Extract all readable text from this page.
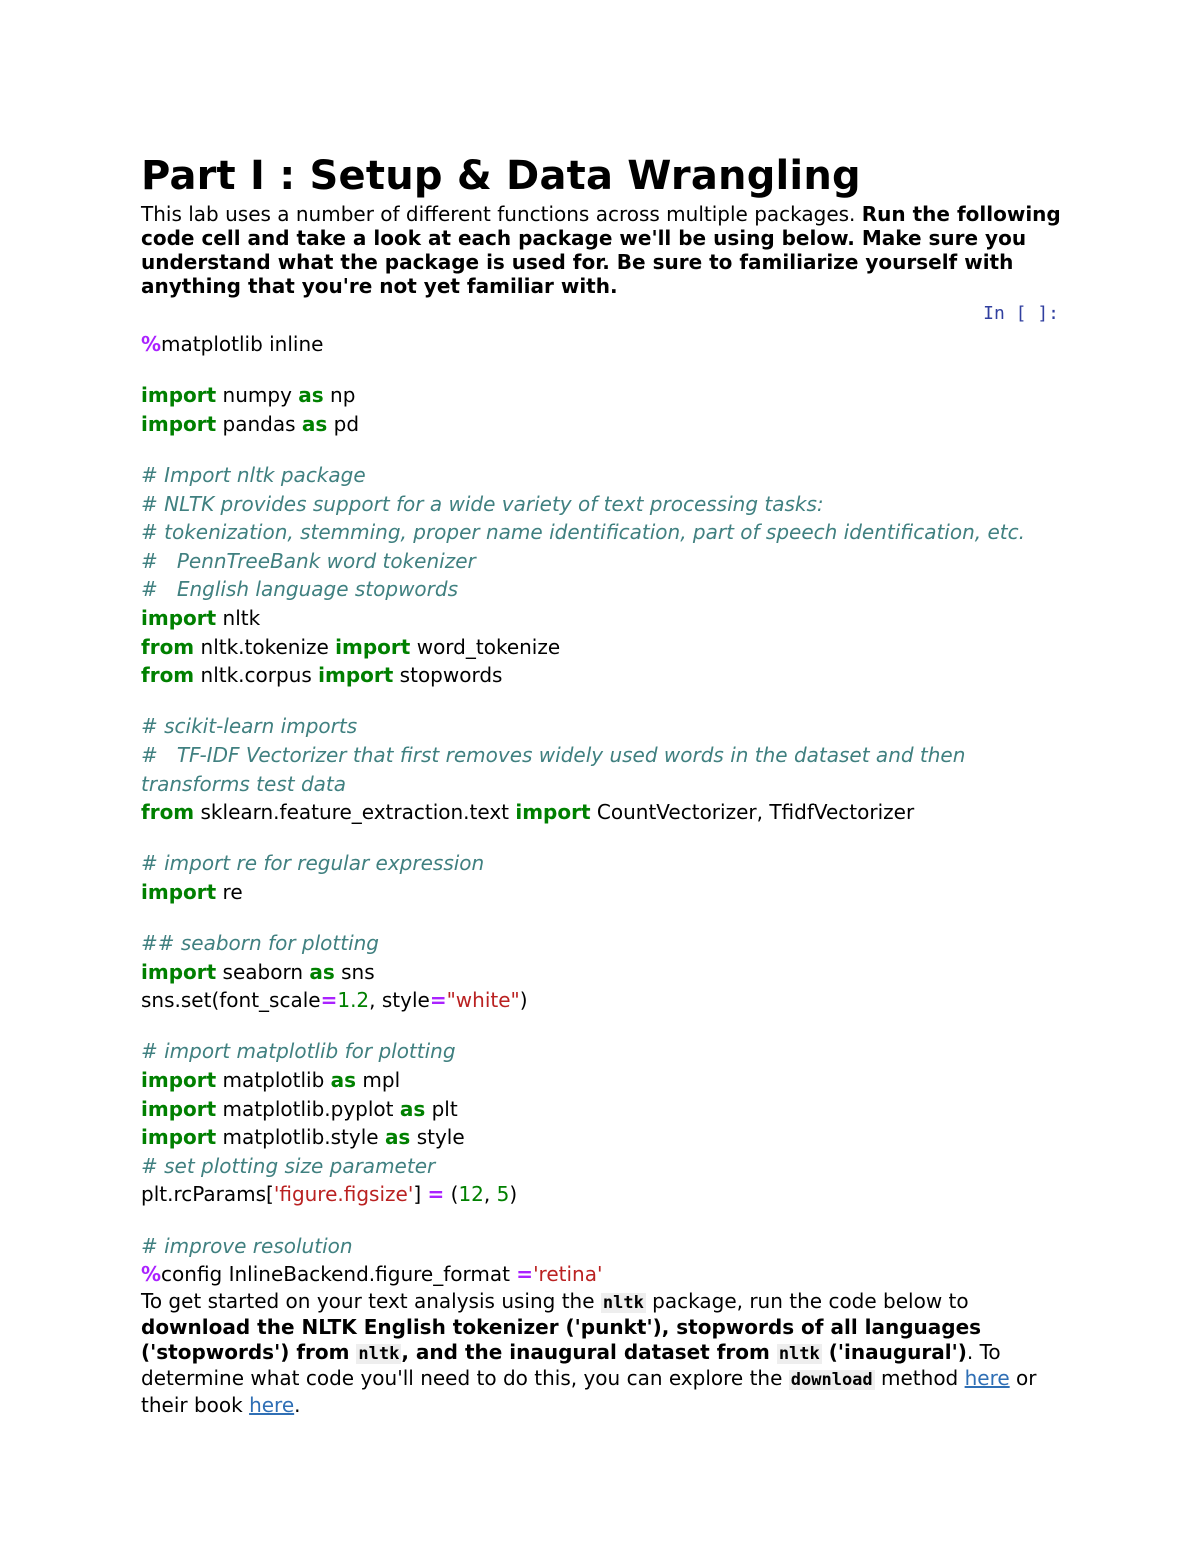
Part I : Setup & Data Wrangling

This lab uses a number of different functions across multiple packages. Run the following code cell and take a look at each package we'll be using below. Make sure you understand what the package is used for. Be sure to familiarize yourself with anything that you're not yet familiar with.

In [ ]:
%matplotlib inline
import numpy as np
import pandas as pd
# Import nltk package
# NLTK provides support for a wide variety of text processing tasks:
# tokenization, stemming, proper name identification, part of speech identification, etc.
#   PennTreeBank word tokenizer
#   English language stopwords
import nltk
from nltk.tokenize import word_tokenize
from nltk.corpus import stopwords
# scikit-learn imports
#   TF-IDF Vectorizer that first removes widely used words in the dataset and then
transforms test data
from sklearn.feature_extraction.text import CountVectorizer, TfidfVectorizer
# import re for regular expression
import re
## seaborn for plotting
import seaborn as sns
sns.set(font_scale=1.2, style="white")
# import matplotlib for plotting
import matplotlib as mpl
import matplotlib.pyplot as plt
import matplotlib.style as style
# set plotting size parameter
plt.rcParams['figure.figsize'] = (12, 5)
# improve resolution
%config InlineBackend.figure_format ='retina'

To get started on your text analysis using the nltk package, run the code below to download the NLTK English tokenizer ('punkt'), stopwords of all languages ('stopwords') from nltk , and the inaugural dataset from nltk ('inaugural'). To determine what code you'll need to do this, you can explore the download method here or their book here.
